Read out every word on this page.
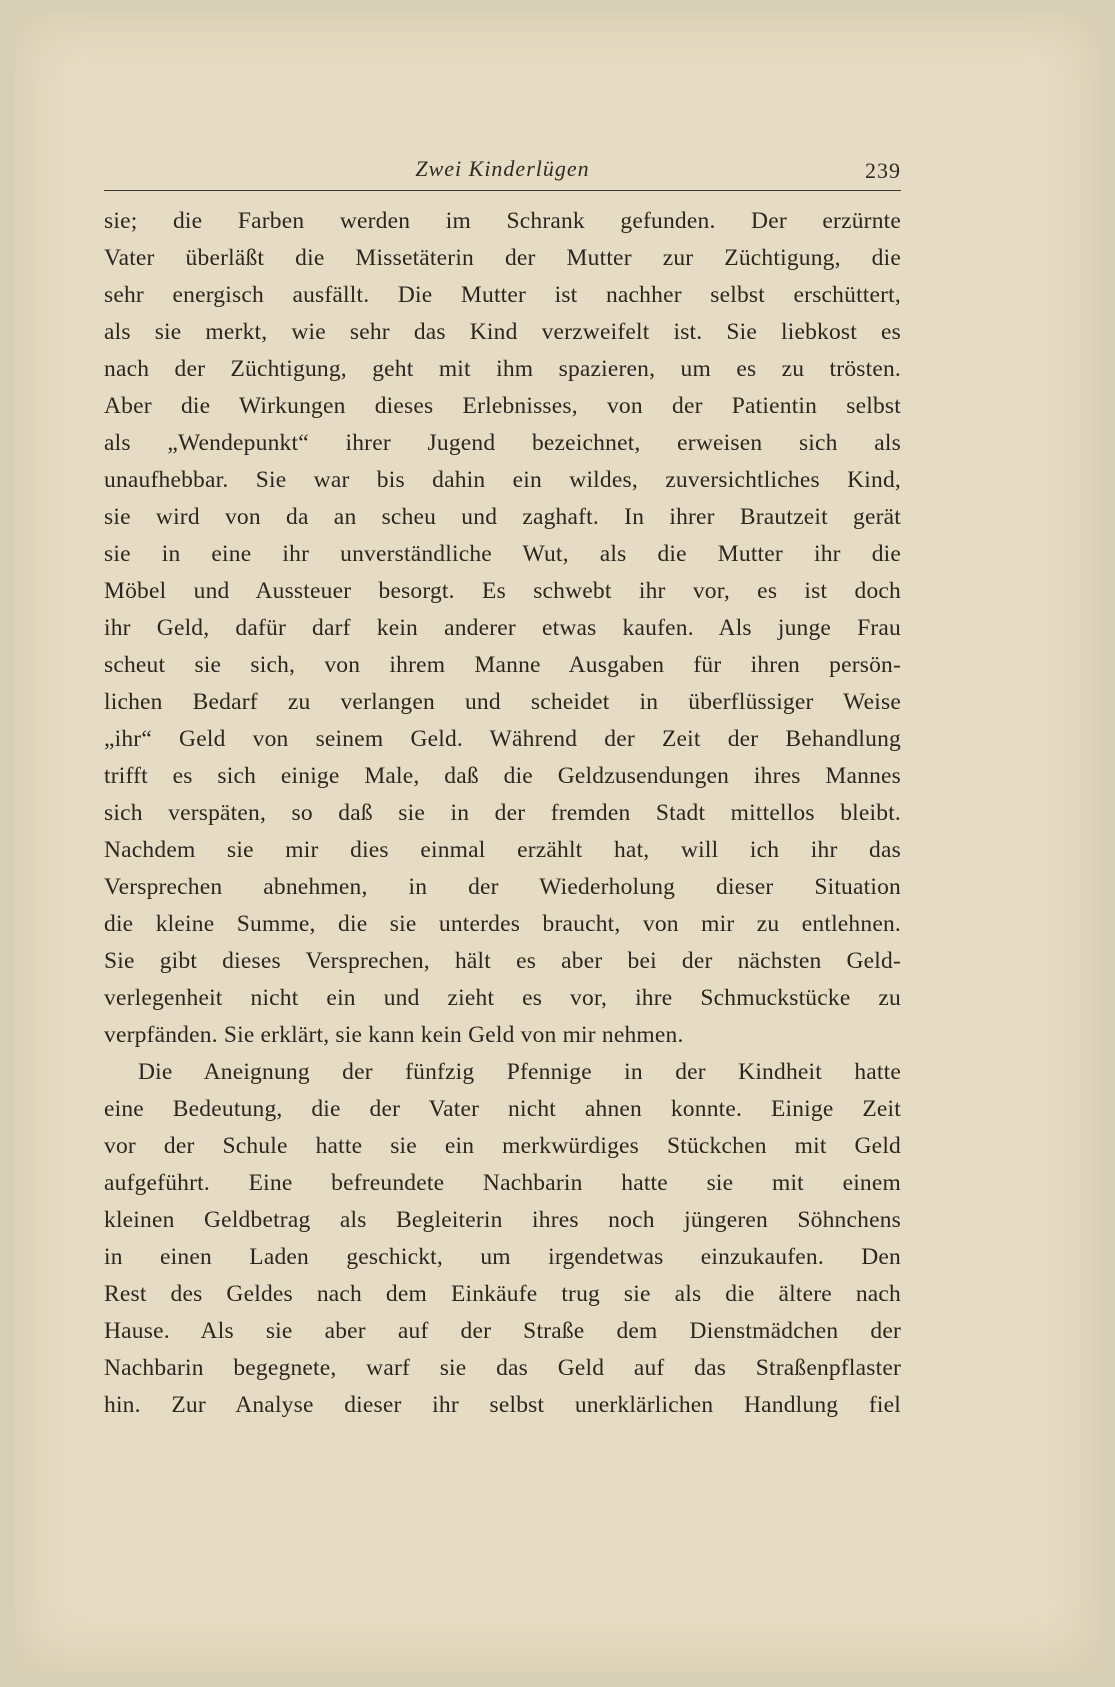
Zwei Kinderlügen	239
sie; die Farben werden im Schrank gefunden. Der erzürnte
Vater überläßt die Missetäterin der Mutter zur Züchtigung, die
sehr energisch ausfällt. Die Mutter ist nachher selbst erschüttert,
als sie merkt, wie sehr das Kind verzweifelt ist. Sie liebkost es
nach der Züchtigung, geht mit ihm spazieren, um es zu trösten.
Aber die Wirkungen dieses Erlebnisses, von der Patientin selbst
als „Wendepunkt“ ihrer Jugend bezeichnet, erweisen sich als
unaufhebbar. Sie war bis dahin ein wildes, zuversichtliches Kind,
sie wird von da an scheu und zaghaft. In ihrer Brautzeit gerät
sie in eine ihr unverständliche Wut, als die Mutter ihr die
Möbel und Aussteuer besorgt. Es schwebt ihr vor, es ist doch
ihr Geld, dafür darf kein anderer etwas kaufen. Als junge Frau
scheut sie sich, von ihrem Manne Ausgaben für ihren persön-
lichen Bedarf zu verlangen und scheidet in überflüssiger Weise
„ihr“ Geld von seinem Geld. Während der Zeit der Behandlung
trifft es sich einige Male, daß die Geldzusendungen ihres Mannes
sich verspäten, so daß sie in der fremden Stadt mittellos bleibt.
Nachdem sie mir dies einmal erzählt hat, will ich ihr das
Versprechen abnehmen, in der Wiederholung dieser Situation
die kleine Summe, die sie unterdes braucht, von mir zu entlehnen.
Sie gibt dieses Versprechen, hält es aber bei der nächsten Geld-
verlegenheit nicht ein und zieht es vor, ihre Schmuckstücke zu
verpfänden. Sie erklärt, sie kann kein Geld von mir nehmen.
Die Aneignung der fünfzig Pfennige in der Kindheit hatte
eine Bedeutung, die der Vater nicht ahnen konnte. Einige Zeit
vor der Schule hatte sie ein merkwürdiges Stückchen mit Geld
aufgeführt. Eine befreundete Nachbarin hatte sie mit einem
kleinen Geldbetrag als Begleiterin ihres noch jüngeren Söhnchens
in einen Laden geschickt, um irgendetwas einzukaufen. Den
Rest des Geldes nach dem Einkäufe trug sie als die ältere nach
Hause. Als sie aber auf der Straße dem Dienstmädchen der
Nachbarin begegnete, warf sie das Geld auf das Straßenpflaster
hin. Zur Analyse dieser ihr selbst unerklärlichen Handlung fiel
